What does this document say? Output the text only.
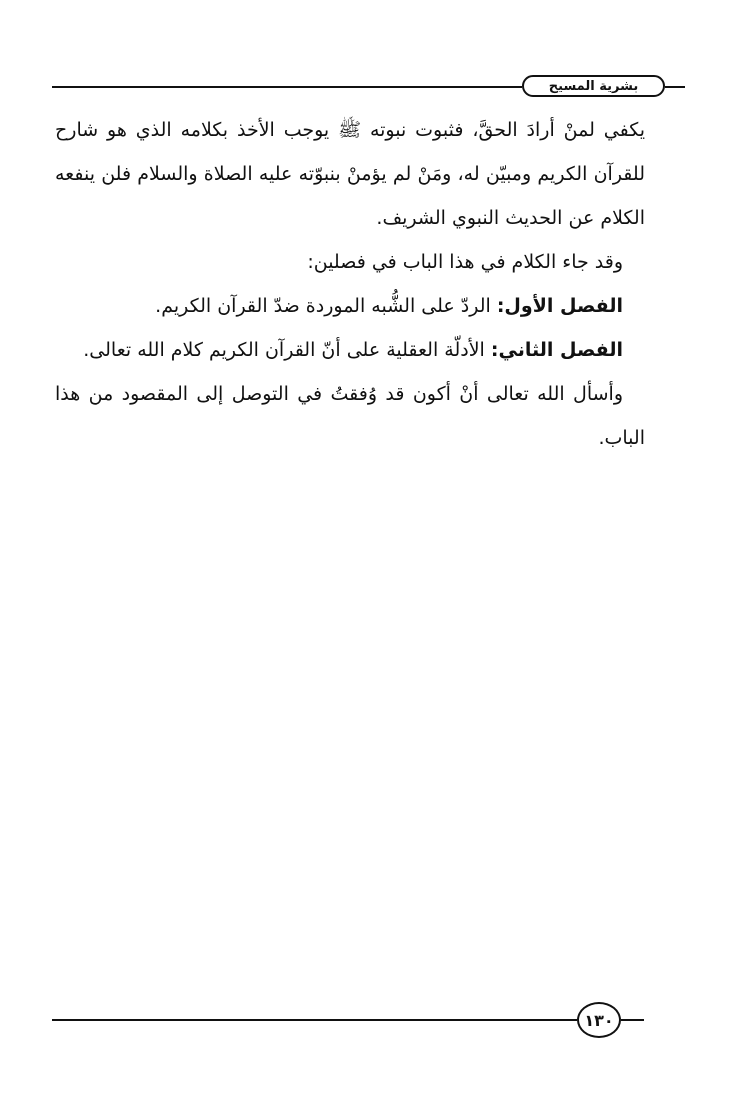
بشرية المسيح

يكفي لمنْ أرادَ الحقَّ، فثبوت نبوته ﷺ يوجب الأخذ بكلامه الذي هو شارح للقرآن الكريم ومبيّن له، ومَنْ لم يؤمنْ بنبوّته عليه الصلاة والسلام فلن ينفعه الكلام عن الحديث النبوي الشريف.

وقد جاء الكلام في هذا الباب في فصلين:

الفصل الأول: الردّ على الشُّبه الموردة ضدّ القرآن الكريم.

الفصل الثاني: الأدلّة العقلية على أنّ القرآن الكريم كلام الله تعالى.

وأسأل الله تعالى أنْ أكون قد وُفقتُ في التوصل إلى المقصود من هذا الباب.

١٣٠
